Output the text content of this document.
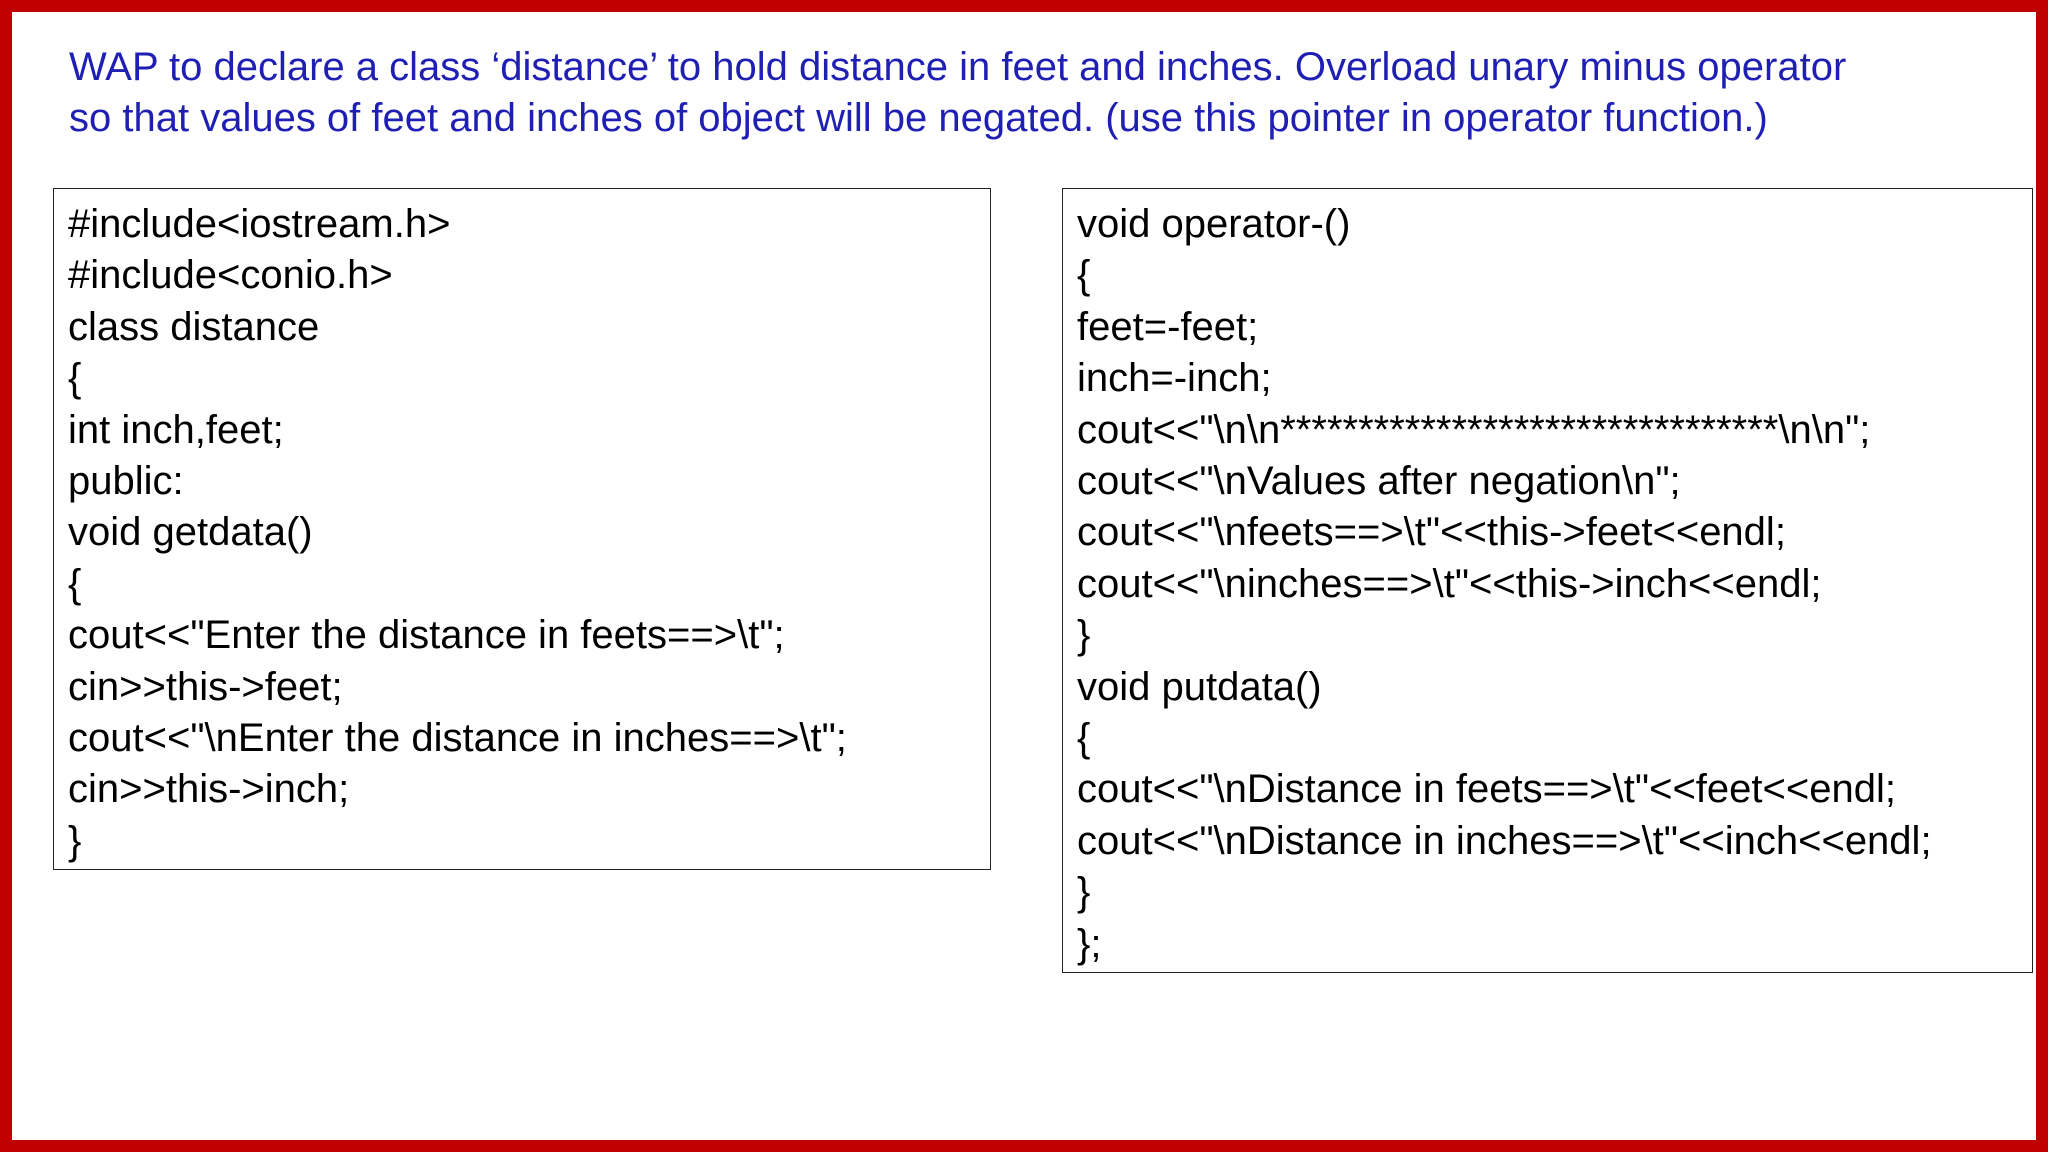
WAP to declare a class ‘distance’ to hold distance in feet and inches. Overload unary minus operator
so that values of feet and inches of object will be negated. (use this pointer in operator function.)
#include<iostream.h>
#include<conio.h>
class distance
{
int inch,feet;
public:
void getdata()
{
cout<<"Enter the distance in feets==>\t";
cin>>this->feet;
cout<<"\nEnter the distance in inches==>\t";
cin>>this->inch;
}
void operator-()
{
feet=-feet;
inch=-inch;
cout<<"\n\n********************************\n\n";
cout<<"\nValues after negation\n";
cout<<"\nfeets==>\t"<<this->feet<<endl;
cout<<"\ninches==>\t"<<this->inch<<endl;
}
void putdata()
{
cout<<"\nDistance in feets==>\t"<<feet<<endl;
cout<<"\nDistance in inches==>\t"<<inch<<endl;
}
};
